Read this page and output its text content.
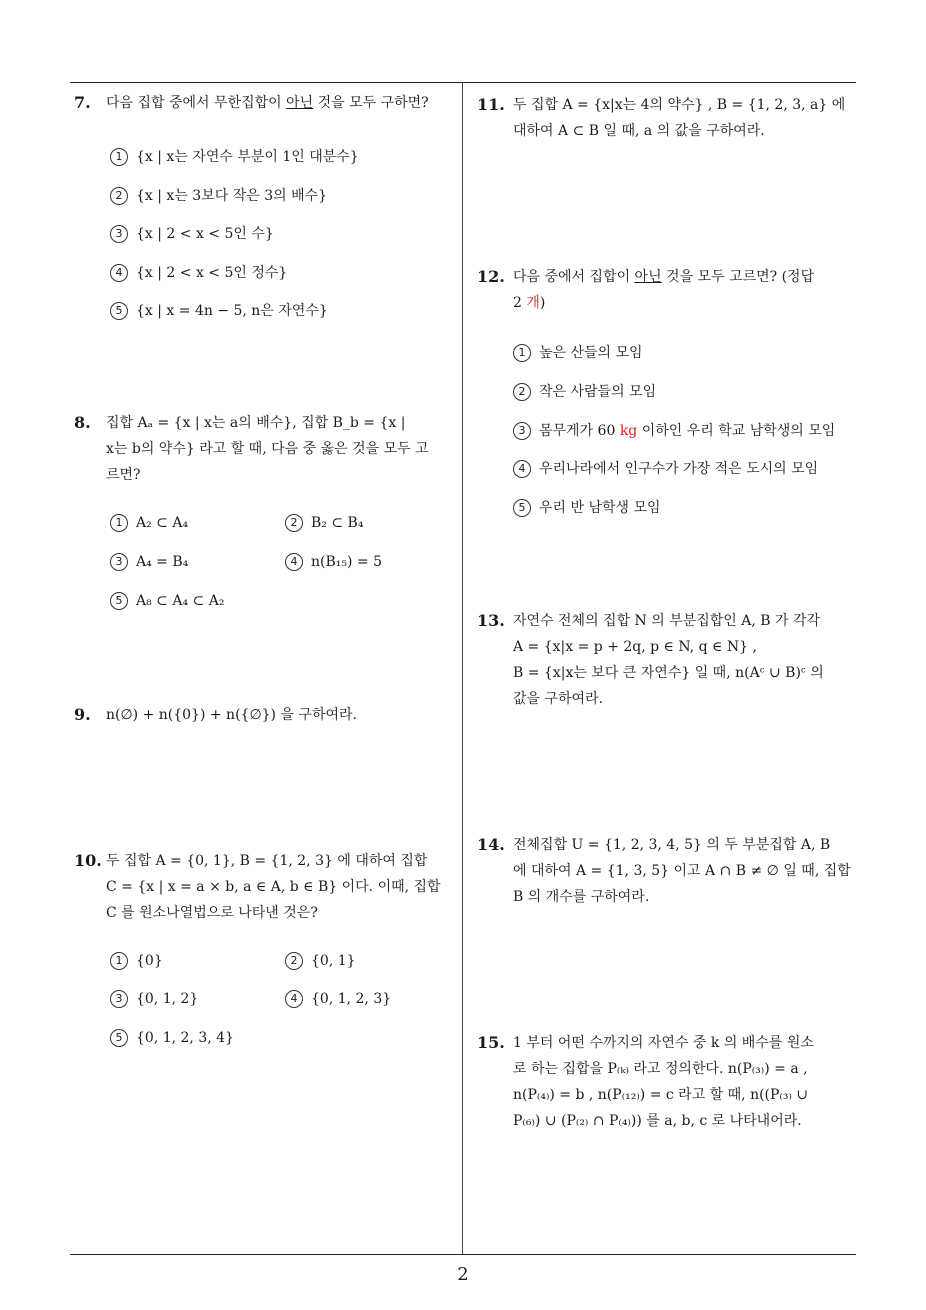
7. 다음 집합 중에서 무한집합이 아닌 것을 모두 구하면?
1 {x | x는 자연수 부분이 1인 대분수}
2 {x | x는 3보다 작은 3의 배수}
3 {x | 2 < x < 5인 수}
4 {x | 2 < x < 5인 정수}
5 {x | x = 4n − 5, n은 자연수}
8. 집합 Aₐ = {x | x는 a의 배수}, 집합 B_b = {x |
x는 b의 약수} 라고 할 때, 다음 중 옳은 것을 모두 고
르면?
1 A₂ ⊂ A₄	2 B₂ ⊂ B₄
3 A₄ = B₄	4 n(B₁₅) = 5
5 A₈ ⊂ A₄ ⊂ A₂
9. n(∅) + n({0}) + n({∅}) 을 구하여라.
10. 두 집합 A = {0, 1}, B = {1, 2, 3} 에 대하여 집합
C = {x | x = a × b, a ∈ A, b ∈ B} 이다. 이때, 집합
C 를 원소나열법으로 나타낸 것은?
1 {0}	2 {0, 1}
3 {0, 1, 2}	4 {0, 1, 2, 3}
5 {0, 1, 2, 3, 4}
11. 두 집합 A = {x|x는 4의 약수} , B = {1, 2, 3, a} 에
대하여 A ⊂ B 일 때, a 의 값을 구하여라.
12. 다음 중에서 집합이 아닌 것을 모두 고르면? (정답
2 개)
1 높은 산들의 모임
2 작은 사람들의 모임
3 몸무게가 60 kg 이하인 우리 학교 남학생의 모임
4 우리나라에서 인구수가 가장 적은 도시의 모임
5 우리 반 남학생 모임
13. 자연수 전체의 집합 N 의 부분집합인 A, B 가 각각
A = {x|x = p + 2q, p ∈ N, q ∈ N} ,
B = {x|x는 보다 큰 자연수} 일 때, n(Aᶜ ∪ B)ᶜ 의
값을 구하여라.
14. 전체집합 U = {1, 2, 3, 4, 5} 의 두 부분집합 A, B
에 대하여 A = {1, 3, 5} 이고 A ∩ B ≠ ∅ 일 때, 집합
B 의 개수를 구하여라.
15. 1 부터 어떤 수까지의 자연수 중 k 의 배수를 원소
로 하는 집합을 P₍ₖ₎ 라고 정의한다. n(P₍₃₎) = a ,
n(P₍₄₎) = b , n(P₍₁₂₎) = c 라고 할 때, n((P₍₃₎ ∪
P₍₆₎) ∪ (P₍₂₎ ∩ P₍₄₎)) 를 a, b, c 로 나타내어라.
2
